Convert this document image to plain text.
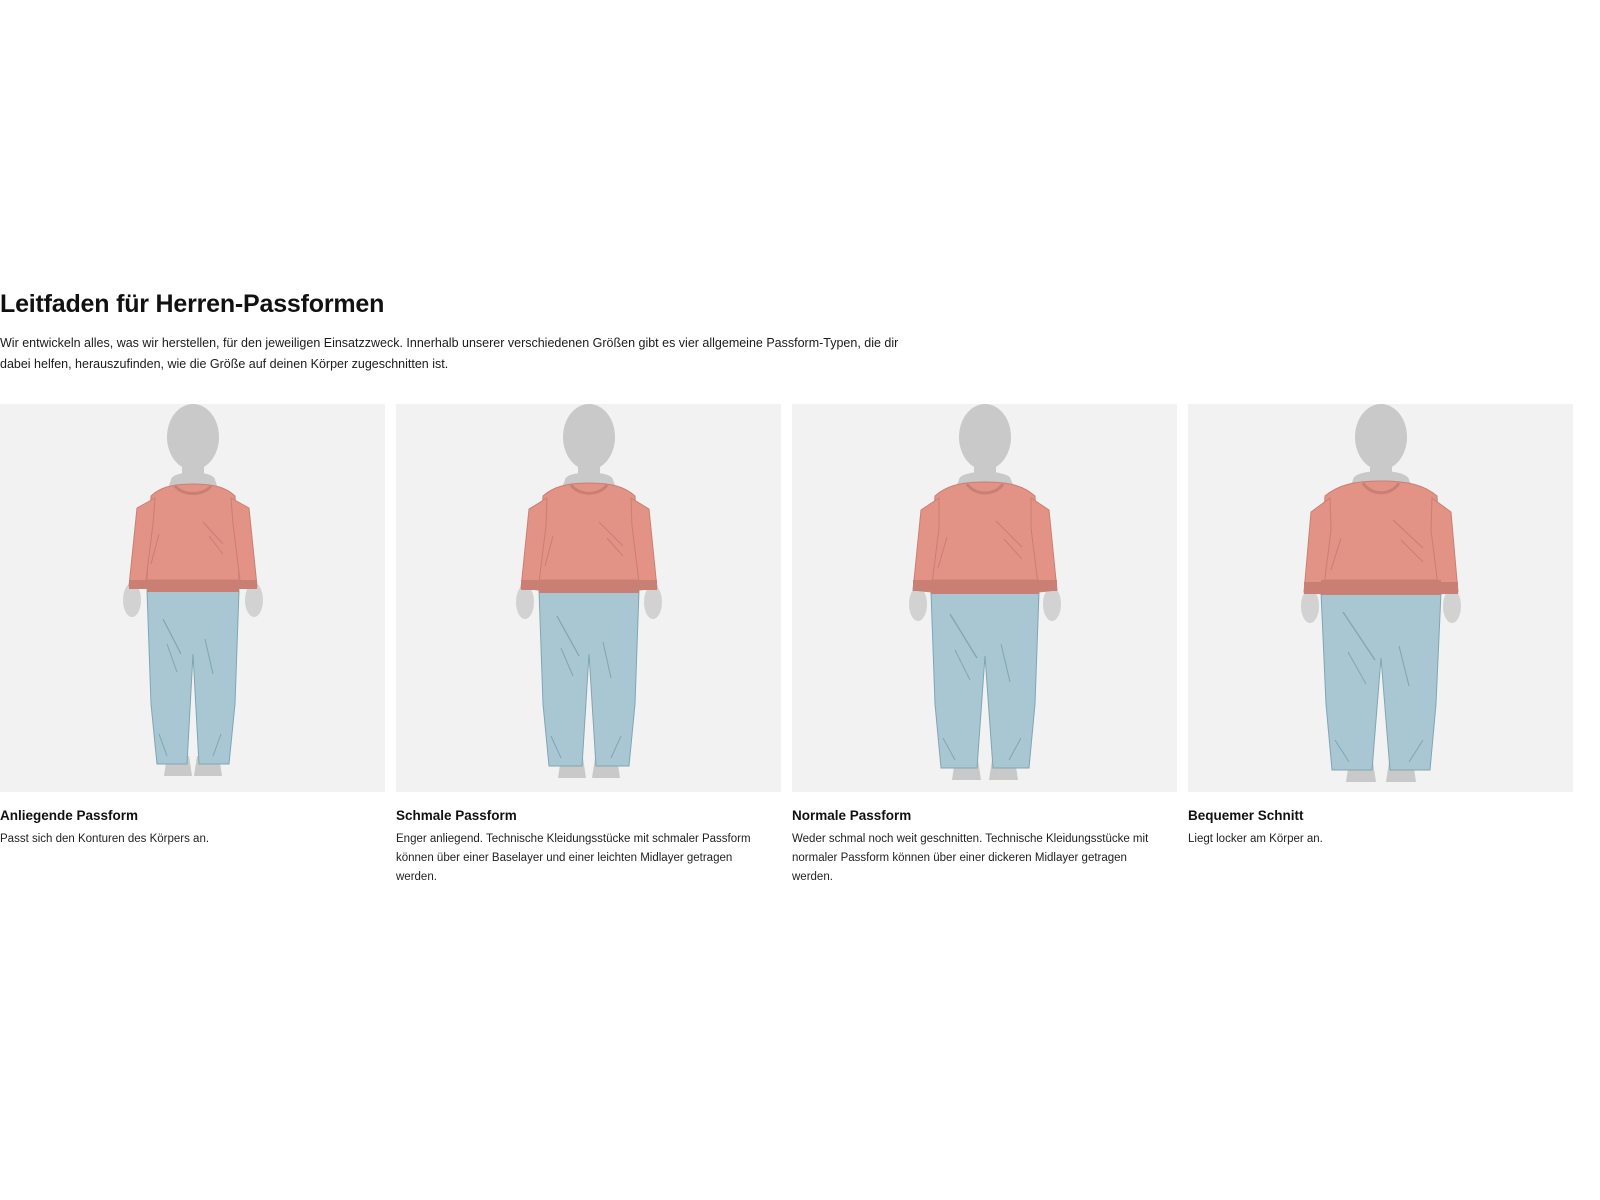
Leitfaden für Herren-Passformen

Wir entwickeln alles, was wir herstellen, für den jeweiligen Einsatzzweck. Innerhalb unserer verschiedenen Größen gibt es vier allgemeine Passform-Typen, die dir dabei helfen, herauszufinden, wie die Größe auf deinen Körper zugeschnitten ist.

Anliegende Passform

Passt sich den Konturen des Körpers an.

Schmale Passform

Enger anliegend. Technische Kleidungsstücke mit schmaler Passform können über einer Baselayer und einer leichten Midlayer getragen werden.

Normale Passform

Weder schmal noch weit geschnitten. Technische Kleidungsstücke mit normaler Passform können über einer dickeren Midlayer getragen werden.

Bequemer Schnitt

Liegt locker am Körper an.
